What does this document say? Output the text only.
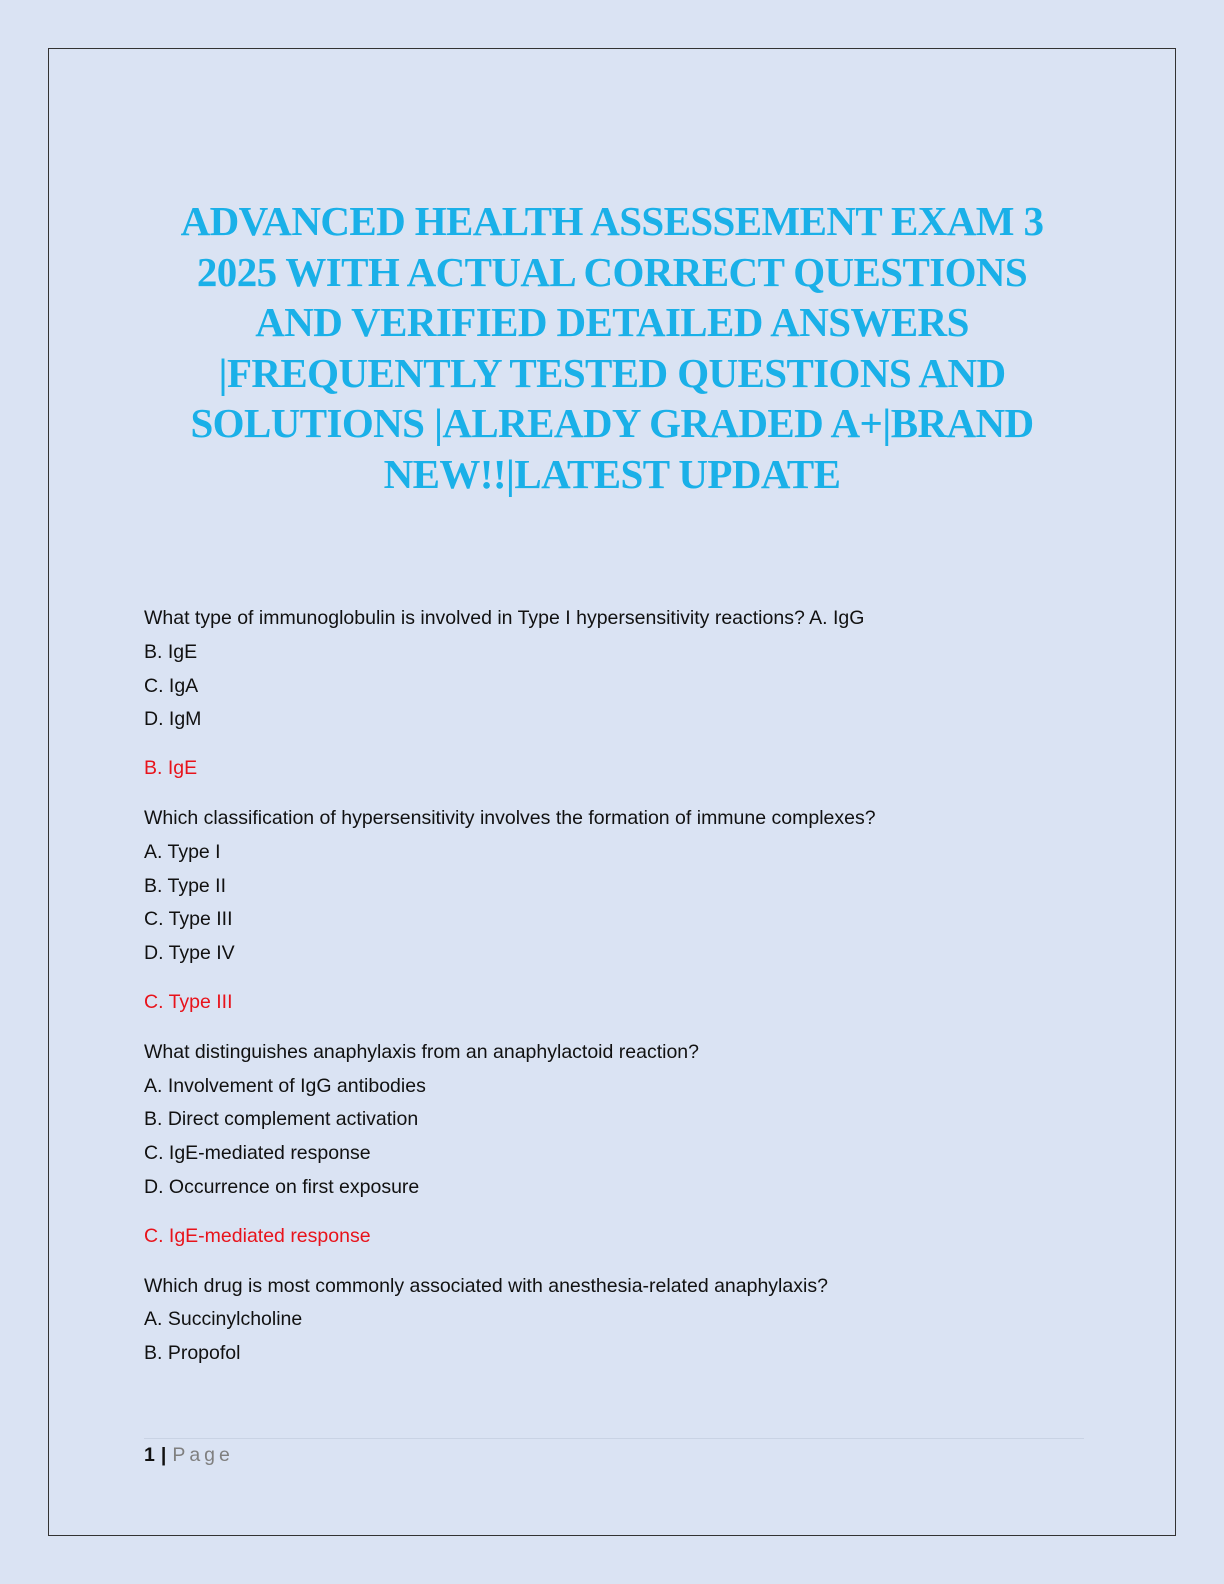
ADVANCED HEALTH ASSESSEMENT EXAM 3
2025 WITH ACTUAL CORRECT QUESTIONS
AND VERIFIED DETAILED ANSWERS
|FREQUENTLY TESTED QUESTIONS AND
SOLUTIONS |ALREADY GRADED A+|BRAND
NEW!!|LATEST UPDATE
What type of immunoglobulin is involved in Type I hypersensitivity reactions? A. IgG
B. IgE
C. IgA
D. IgM
B. IgE
Which classification of hypersensitivity involves the formation of immune complexes?
A. Type I
B. Type II
C. Type III
D. Type IV
C. Type III
What distinguishes anaphylaxis from an anaphylactoid reaction?
A. Involvement of IgG antibodies
B. Direct complement activation
C. IgE-mediated response
D. Occurrence on first exposure
C. IgE-mediated response
Which drug is most commonly associated with anesthesia-related anaphylaxis?
A. Succinylcholine
B. Propofol
1 | Page
